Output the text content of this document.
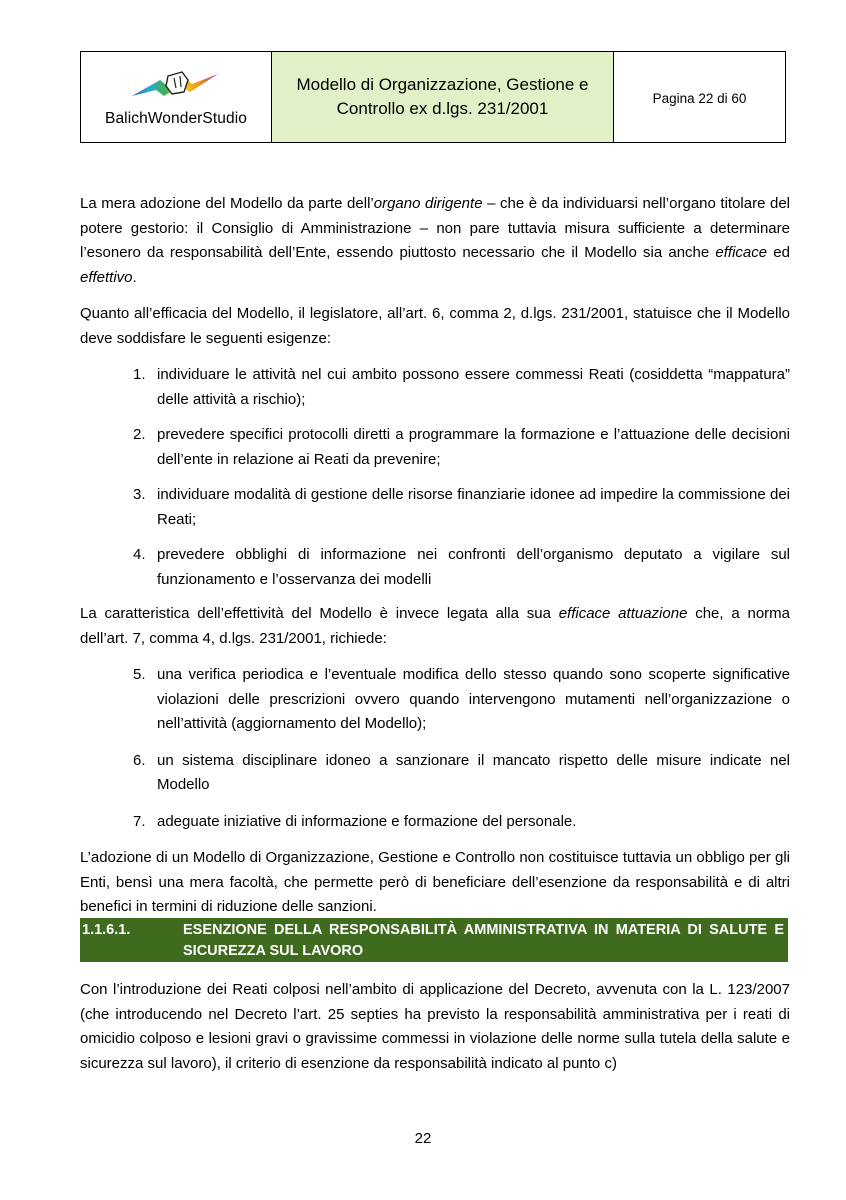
BalichWonderStudio
Modello di Organizzazione, Gestione e
Controllo ex d.lgs. 231/2001
Pagina 22 di 60

La mera adozione del Modello da parte dell’organo dirigente – che è da individuarsi nell’organo titolare del potere gestorio: il Consiglio di Amministrazione – non pare tuttavia misura sufficiente a determinare l’esonero da responsabilità dell’Ente, essendo piuttosto necessario che il Modello sia anche efficace ed effettivo.

Quanto all’efficacia del Modello, il legislatore, all’art. 6, comma 2, d.lgs. 231/2001, statuisce che il Modello deve soddisfare le seguenti esigenze:

1. individuare le attività nel cui ambito possono essere commessi Reati (cosiddetta “mappatura” delle attività a rischio);
2. prevedere specifici protocolli diretti a programmare la formazione e l’attuazione delle decisioni dell’ente in relazione ai Reati da prevenire;
3. individuare modalità di gestione delle risorse finanziarie idonee ad impedire la commissione dei Reati;
4. prevedere obblighi di informazione nei confronti dell’organismo deputato a vigilare sul funzionamento e l’osservanza dei modelli

La caratteristica dell’effettività del Modello è invece legata alla sua efficace attuazione che, a norma dell’art. 7, comma 4, d.lgs. 231/2001, richiede:

5. una verifica periodica e l’eventuale modifica dello stesso quando sono scoperte significative violazioni delle prescrizioni ovvero quando intervengono mutamenti nell’organizzazione o nell’attività (aggiornamento del Modello);
6. un sistema disciplinare idoneo a sanzionare il mancato rispetto delle misure indicate nel Modello
7. adeguate iniziative di informazione e formazione del personale.

L’adozione di un Modello di Organizzazione, Gestione e Controllo non costituisce tuttavia un obbligo per gli Enti, bensì una mera facoltà, che permette però di beneficiare dell’esenzione da responsabilità e di altri benefici in termini di riduzione delle sanzioni.

1.1.6.1.	ESENZIONE DELLA RESPONSABILITÀ AMMINISTRATIVA IN MATERIA DI SALUTE E
SICUREZZA SUL LAVORO

Con l’introduzione dei Reati colposi nell’ambito di applicazione del Decreto, avvenuta con la L. 123/2007 (che introducendo nel Decreto l’art. 25 septies ha previsto la responsabilità amministrativa per i reati di omicidio colposo e lesioni gravi o gravissime commessi in violazione delle norme sulla tutela della salute e sicurezza sul lavoro), il criterio di esenzione da responsabilità indicato al punto c)

22
